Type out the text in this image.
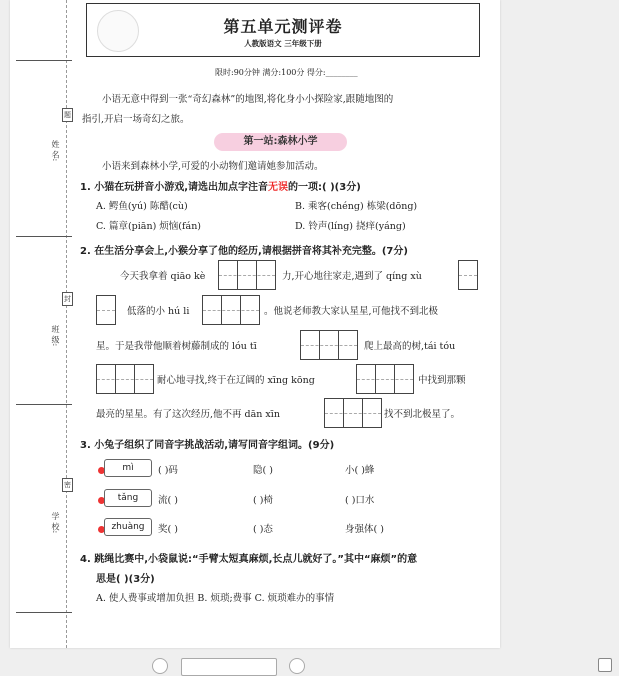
题
姓 名:
封
班 级:
密
学 校:
第五单元测评卷
人教版语文 三年级下册
限时:90分钟 满分:100分 得分:________
小语无意中得到一张“奇幻森林”的地图,将化身小小探险家,跟随地图的
指引,开启一场奇幻之旅。
第一站:森林小学
小语来到森林小学,可爱的小动物们邀请她参加活动。
1. 小猫在玩拼音小游戏,请选出加点字注音无误的一项:( )(3分)
A. 鳄鱼(yú) 陈醋(cù)	B. 乘客(chéng) 栋梁(dōng)
C. 篇章(piān) 烦恼(fán)	D. 铃声(líng) 挠痒(yáng)
2. 在生活分享会上,小猴分享了他的经历,请根据拼音将其补充完整。(7分)
今天我拿着 qiāo kè	力,开心地往家走,遇到了 qíng xù
低落的小 hú li	。他说老师教大家认星星,可他找不到北极
星。于是我带他顺着树藤制成的 lóu tī	爬上最高的树,tái tóu
耐心地寻找,终于在辽阔的 xīng kōng	中找到那颗
最亮的星星。有了这次经历,他不再 dān xīn	找不到北极星了。
3. 小兔子组织了同音字挑战活动,请写同音字组词。(9分)
mì	( )码	隐( )	小( )蜂
tǎng	流( )	( )椅	( )口水
zhuàng	奖( )	( )态	身强体( )
4. 跳绳比赛中,小袋鼠说:“手臂太短真麻烦,长点儿就好了。”其中“麻烦”的意
思是( )(3分)
A. 使人费事或增加负担 B. 烦琐;费事 C. 烦琐难办的事情
